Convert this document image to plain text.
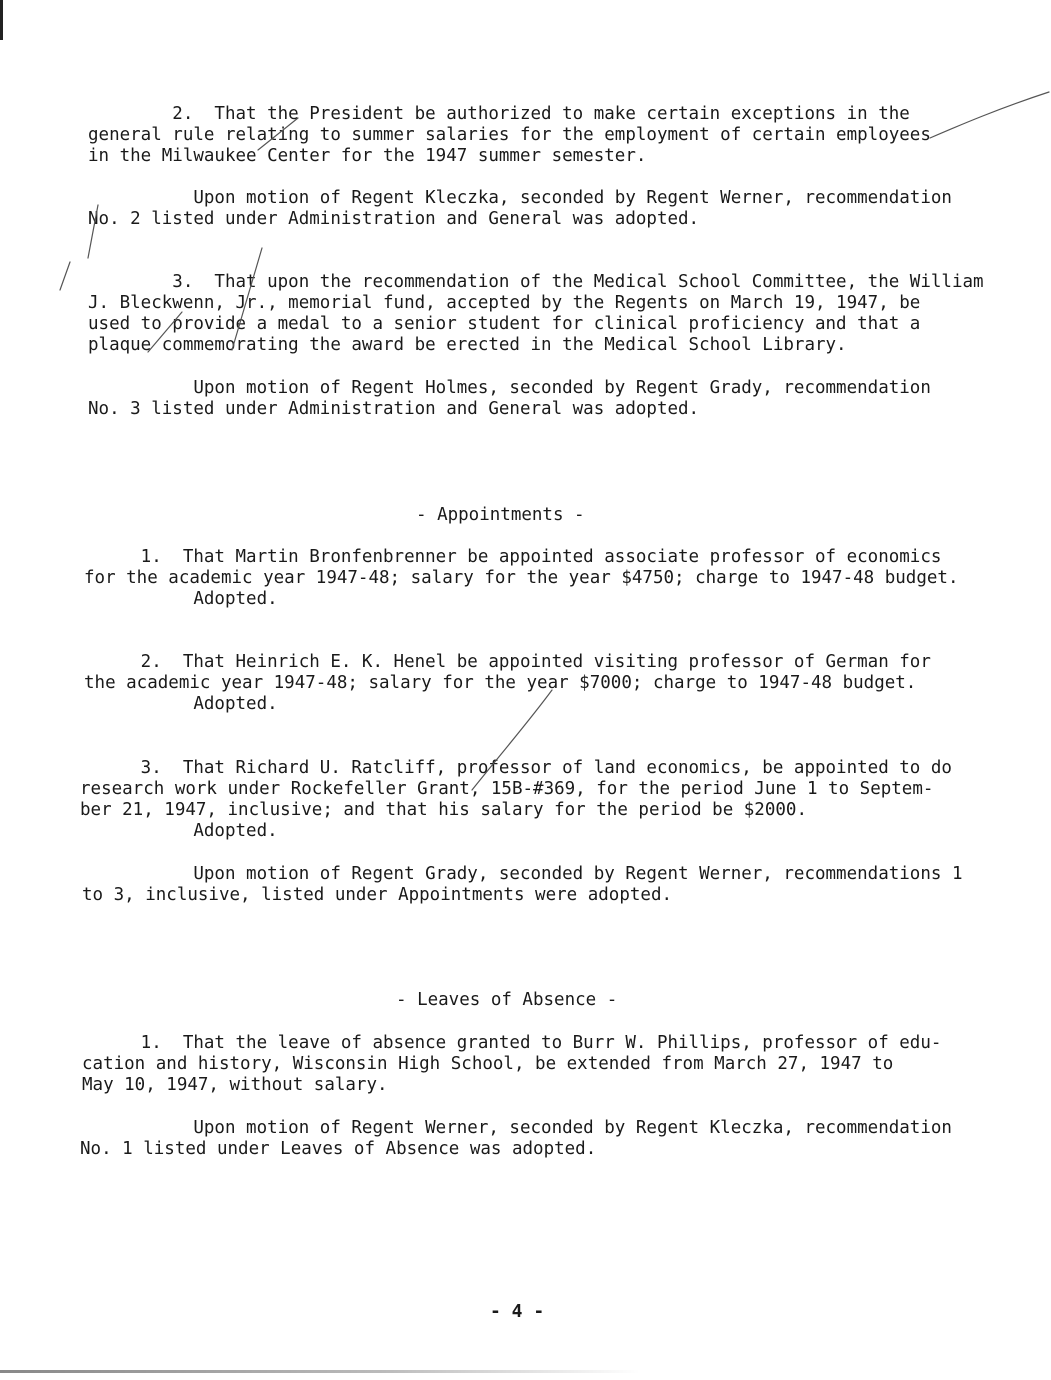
2.  That the President be authorized to make certain exceptions in the
general rule relating to summer salaries for the employment of certain employees
in the Milwaukee Center for the 1947 summer semester.
Upon motion of Regent Kleczka, seconded by Regent Werner, recommendation
No. 2 listed under Administration and General was adopted.
3.  That upon the recommendation of the Medical School Committee, the William
J. Bleckwenn, Jr., memorial fund, accepted by the Regents on March 19, 1947, be
used to provide a medal to a senior student for clinical proficiency and that a
plaque commemorating the award be erected in the Medical School Library.
Upon motion of Regent Holmes, seconded by Regent Grady, recommendation
No. 3 listed under Administration and General was adopted.
- Appointments -
1.  That Martin Bronfenbrenner be appointed associate professor of economics
for the academic year 1947-48; salary for the year $4750; charge to 1947-48 budget.
Adopted.
2.  That Heinrich E. K. Henel be appointed visiting professor of German for
the academic year 1947-48; salary for the year $7000; charge to 1947-48 budget.
Adopted.
3.  That Richard U. Ratcliff, professor of land economics, be appointed to do
research work under Rockefeller Grant, 15B-#369, for the period June 1 to Septem-
ber 21, 1947, inclusive; and that his salary for the period be $2000.
Adopted.
Upon motion of Regent Grady, seconded by Regent Werner, recommendations 1
to 3, inclusive, listed under Appointments were adopted.
- Leaves of Absence -
1.  That the leave of absence granted to Burr W. Phillips, professor of edu-
cation and history, Wisconsin High School, be extended from March 27, 1947 to
May 10, 1947, without salary.
Upon motion of Regent Werner, seconded by Regent Kleczka, recommendation
No. 1 listed under Leaves of Absence was adopted.
- 4 -
